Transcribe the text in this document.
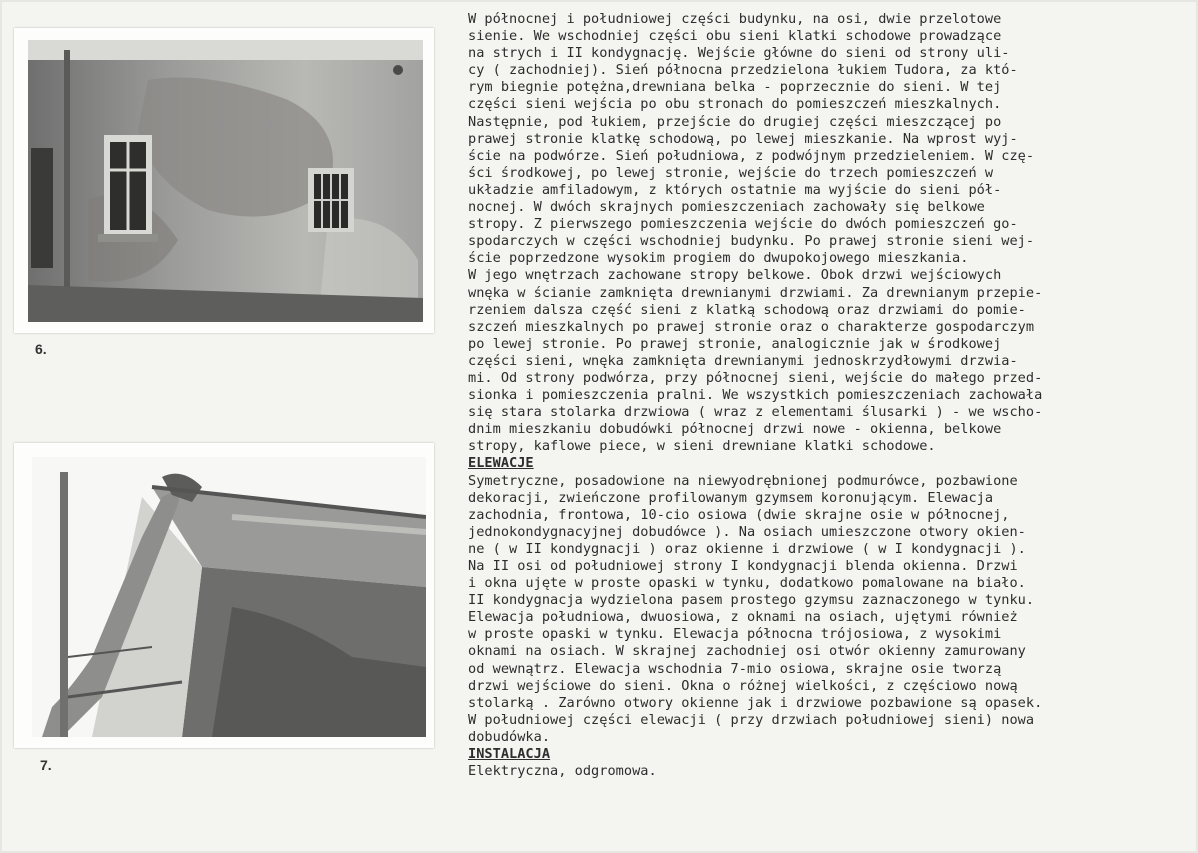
6.
7.
W północnej i południowej części budynku, na osi, dwie przelotowe
sienie. We wschodniej części obu sieni klatki schodowe prowadzące
na strych i II kondygnację. Wejście główne do sieni od strony uli-
cy ( zachodniej). Sień północna przedzielona łukiem Tudora, za któ-
rym biegnie potężna,drewniana belka - poprzecznie do sieni. W tej
części sieni wejścia po obu stronach do pomieszczeń mieszkalnych.
Następnie, pod łukiem, przejście do drugiej części mieszczącej po
prawej stronie klatkę schodową, po lewej mieszkanie. Na wprost wyj-
ście na podwórze. Sień południowa, z podwójnym przedzieleniem. W czę-
ści środkowej, po lewej stronie, wejście do trzech pomieszczeń w
układzie amfiladowym, z których ostatnie ma wyjście do sieni pół-
nocnej. W dwóch skrajnych pomieszczeniach zachowały się belkowe
stropy. Z pierwszego pomieszczenia wejście do dwóch pomieszczeń go-
spodarczych w części wschodniej budynku. Po prawej stronie sieni wej-
ście poprzedzone wysokim progiem do dwupokojowego mieszkania.
W jego wnętrzach zachowane stropy belkowe. Obok drzwi wejściowych
wnęka w ścianie zamknięta drewnianymi drzwiami. Za drewnianym przepie-
rzeniem dalsza część sieni z klatką schodową oraz drzwiami do pomie-
szczeń mieszkalnych po prawej stronie oraz o charakterze gospodarczym
po lewej stronie. Po prawej stronie, analogicznie jak w środkowej
części sieni, wnęka zamknięta drewnianymi jednoskrzydłowymi drzwia-
mi. Od strony podwórza, przy północnej sieni, wejście do małego przed-
sionka i pomieszczenia pralni. We wszystkich pomieszczeniach zachowała
się stara stolarka drzwiowa ( wraz z elementami ślusarki ) - we wscho-
dnim mieszkaniu dobudówki północnej drzwi nowe - okienna, belkowe
stropy, kaflowe piece, w sieni drewniane klatki schodowe.
ELEWACJE
Symetryczne, posadowione na niewyodrębnionej podmurówce, pozbawione
dekoracji, zwieńczone profilowanym gzymsem koronującym. Elewacja
zachodnia, frontowa, 10-cio osiowa (dwie skrajne osie w północnej,
jednokondygnacyjnej dobudówce ). Na osiach umieszczone otwory okien-
ne ( w II kondygnacji ) oraz okienne i drzwiowe ( w I kondygnacji ).
Na II osi od południowej strony I kondygnacji blenda okienna. Drzwi
i okna ujęte w proste opaski w tynku, dodatkowo pomalowane na biało.
II kondygnacja wydzielona pasem prostego gzymsu zaznaczonego w tynku.
Elewacja południowa, dwuosiowa, z oknami na osiach, ujętymi również
w proste opaski w tynku. Elewacja północna trójosiowa, z wysokimi
oknami na osiach. W skrajnej zachodniej osi otwór okienny zamurowany
od wewnątrz. Elewacja wschodnia 7-mio osiowa, skrajne osie tworzą
drzwi wejściowe do sieni. Okna o różnej wielkości, z częściowo nową
stolarką . Zarówno otwory okienne jak i drzwiowe pozbawione są opasek.
W południowej części elewacji ( przy drzwiach południowej sieni) nowa
dobudówka.
INSTALACJA
Elektryczna, odgromowa.
